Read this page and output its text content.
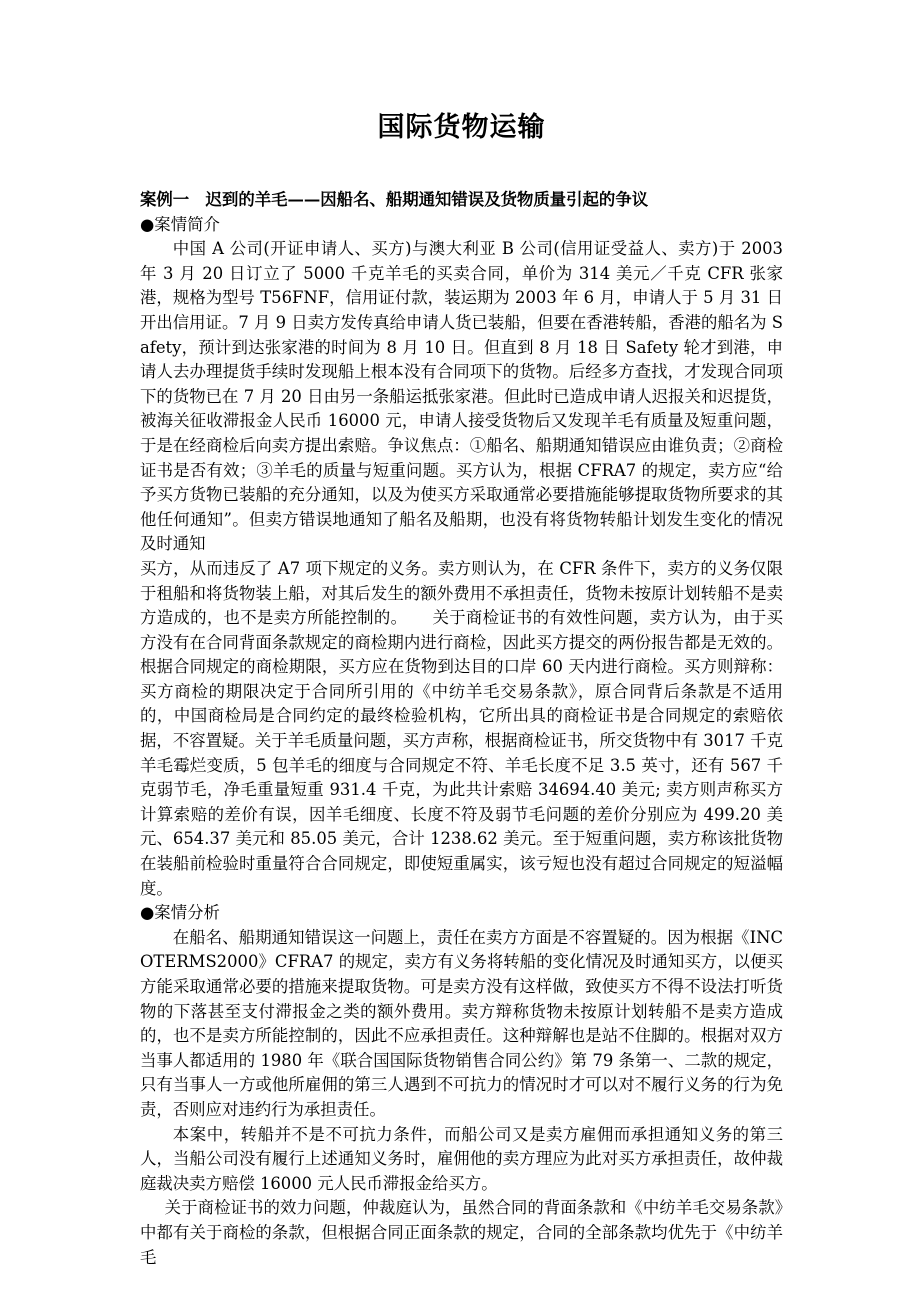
国际货物运输
案例一　迟到的羊毛——因船名、船期通知错误及货物质量引起的争议
●案情简介

中国 A 公司(开证申请人、买方)与澳大利亚 B 公司(信用证受益人、卖方)于 2003 年 3 月 20 日订立了 5000 千克羊毛的买卖合同，单价为 314 美元／千克 CFR 张家港，规格为型号 T56FNF，信用证付款，装运期为 2003 年 6 月，申请人于 5 月 31 日开出信用证。7 月 9 日卖方发传真给申请人货已装船，但要在香港转船，香港的船名为 Safety，预计到达张家港的时间为 8 月 10 日。但直到 8 月 18 日 Safety 轮才到港，申请人去办理提货手续时发现船上根本没有合同项下的货物。后经多方查找，才发现合同项下的货物已在 7 月 20 日由另一条船运抵张家港。但此时已造成申请人迟报关和迟提货，被海关征收滞报金人民币 16000 元，申请人接受货物后又发现羊毛有质量及短重问题，于是在经商检后向卖方提出索赔。争议焦点：①船名、船期通知错误应由谁负责；②商检证书是否有效；③羊毛的质量与短重问题。买方认为，根据 CFRA7 的规定，卖方应“给予买方货物已装船的充分通知，以及为使买方采取通常必要措施能够提取货物所要求的其他任何通知”。但卖方错误地通知了船名及船期，也没有将货物转船计划发生变化的情况及时通知

买方，从而违反了 A7 项下规定的义务。卖方则认为，在 CFR 条件下，卖方的义务仅限于租船和将货物装上船，对其后发生的额外费用不承担责任，货物未按原计划转船不是卖方造成的，也不是卖方所能控制的。　　关于商检证书的有效性问题，卖方认为，由于买方没有在合同背面条款规定的商检期内进行商检，因此买方提交的两份报告都是无效的。根据合同规定的商检期限，买方应在货物到达目的口岸 60 天内进行商检。买方则辩称：买方商检的期限决定于合同所引用的《中纺羊毛交易条款》，原合同背后条款是不适用的，中国商检局是合同约定的最终检验机构，它所出具的商检证书是合同规定的索赔依据，不容置疑。关于羊毛质量问题，买方声称，根据商检证书，所交货物中有 3017 千克羊毛霉烂变质，5 包羊毛的细度与合同规定不符、羊毛长度不足 3.5 英寸，还有 567 千克弱节毛，净毛重量短重 931.4 千克，为此共计索赔 34694.40 美元; 卖方则声称买方计算索赔的差价有误，因羊毛细度、长度不符及弱节毛问题的差价分别应为 499.20 美元、654.37 美元和 85.05 美元，合计 1238.62 美元。至于短重问题，卖方称该批货物在装船前检验时重量符合合同规定，即使短重属实，该亏短也没有超过合同规定的短溢幅度。

●案情分析

在船名、船期通知错误这一问题上，责任在卖方方面是不容置疑的。因为根据《INCOTERMS2000》CFRA7 的规定，卖方有义务将转船的变化情况及时通知买方，以便买方能采取通常必要的措施来提取货物。可是卖方没有这样做，致使买方不得不设法打听货物的下落甚至支付滞报金之类的额外费用。卖方辩称货物未按原计划转船不是卖方造成的，也不是卖方所能控制的，因此不应承担责任。这种辩解也是站不住脚的。根据对双方当事人都适用的 1980 年《联合国国际货物销售合同公约》第 79 条第一、二款的规定，只有当事人一方或他所雇佣的第三人遇到不可抗力的情况时才可以对不履行义务的行为免责，否则应对违约行为承担责任。

本案中，转船并不是不可抗力条件，而船公司又是卖方雇佣而承担通知义务的第三人，当船公司没有履行上述通知义务时，雇佣他的卖方理应为此对买方承担责任，故仲裁庭裁决卖方赔偿 16000 元人民币滞报金给买方。

关于商检证书的效力问题，仲裁庭认为，虽然合同的背面条款和《中纺羊毛交易条款》中都有关于商检的条款，但根据合同正面条款的规定，合同的全部条款均优先于《中纺羊毛
